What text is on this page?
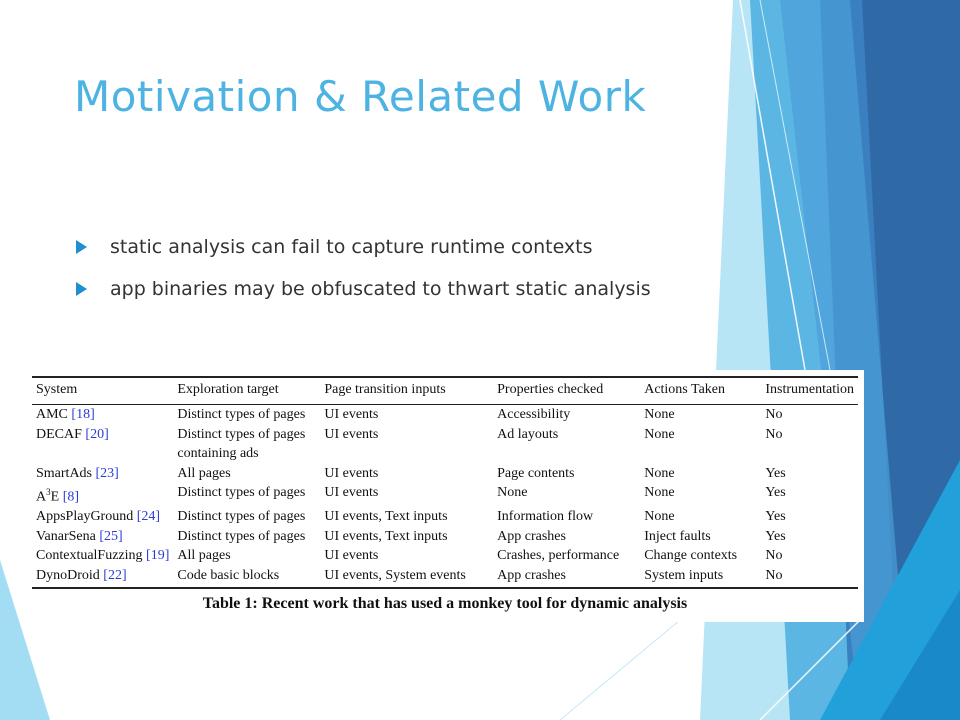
Motivation & Related Work
static analysis can fail to capture runtime contexts
app binaries may be obfuscated to thwart static analysis
System	Exploration target	Page transition inputs	Properties checked	Actions Taken	Instrumentation
AMC [18]	Distinct types of pages	UI events	Accessibility	None	No
DECAF [20]	Distinct types of pages containing ads	UI events	Ad layouts	None	No
SmartAds [23]	All pages	UI events	Page contents	None	Yes
$A^3E$ [8]	Distinct types of pages	UI events	None	None	Yes
AppsPlayGround [24]	Distinct types of pages	UI events, Text inputs	Information flow	None	Yes
VanarSena [25]	Distinct types of pages	UI events, Text inputs	App crashes	Inject faults	Yes
ContextualFuzzing [19]	All pages	UI events	Crashes, performance	Change contexts	No
DynoDroid [22]	Code basic blocks	UI events, System events	App crashes	System inputs	No
Table 1: Recent work that has used a monkey tool for dynamic analysis
